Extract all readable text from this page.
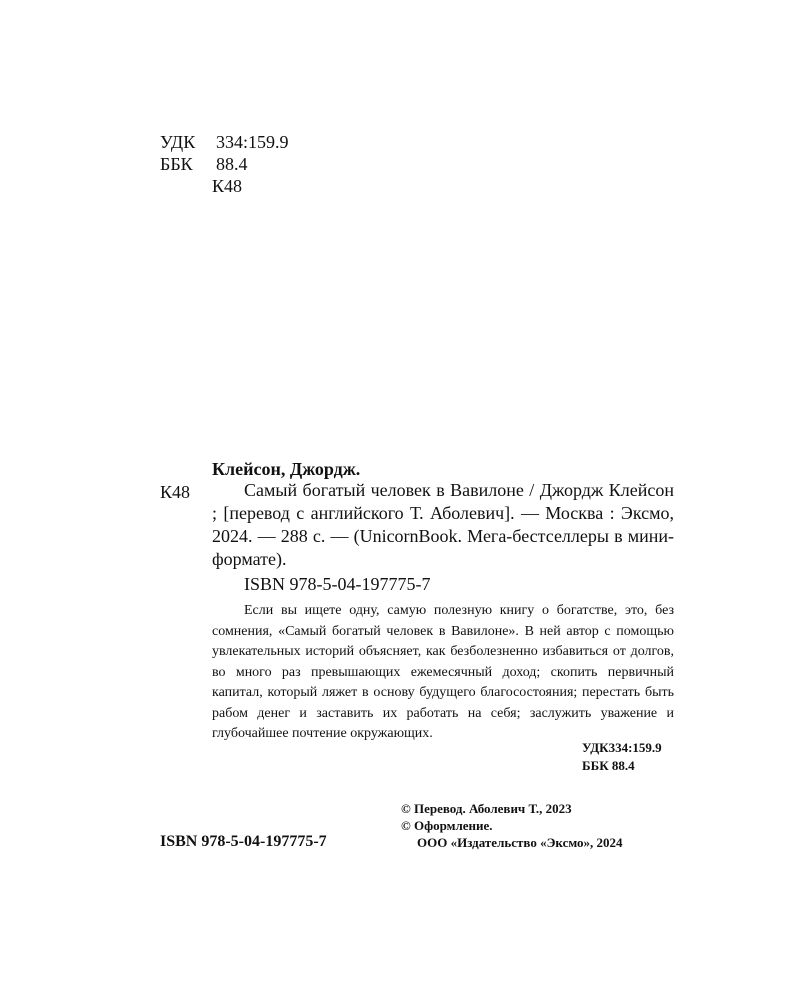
УДК 334:159.9
ББК 88.4
К48
Клейсон, Джордж.
К48	Самый богатый человек в Вавилоне / Джордж Клейсон ; [перевод с английского Т. Аболевич]. — Москва : Эксмо, 2024. — 288 с. — (UnicornBook. Мега-бестселлеры в мини-формате).
ISBN 978-5-04-197775-7
Если вы ищете одну, самую полезную книгу о богатстве, это, без сомнения, «Самый богатый человек в Вавилоне». В ней автор с помощью увлекательных историй объясняет, как безболезненно избавиться от долгов, во много раз превышающих ежемесячный доход; скопить первичный капитал, который ляжет в основу будущего благосостояния; перестать быть рабом денег и заставить их работать на себя; заслужить уважение и глубочайшее почтение окружающих.
УДК334:159.9
ББК 88.4
© Перевод. Аболевич Т., 2023
© Оформление.
ООО «Издательство «Эксмо», 2024
ISBN 978-5-04-197775-7
